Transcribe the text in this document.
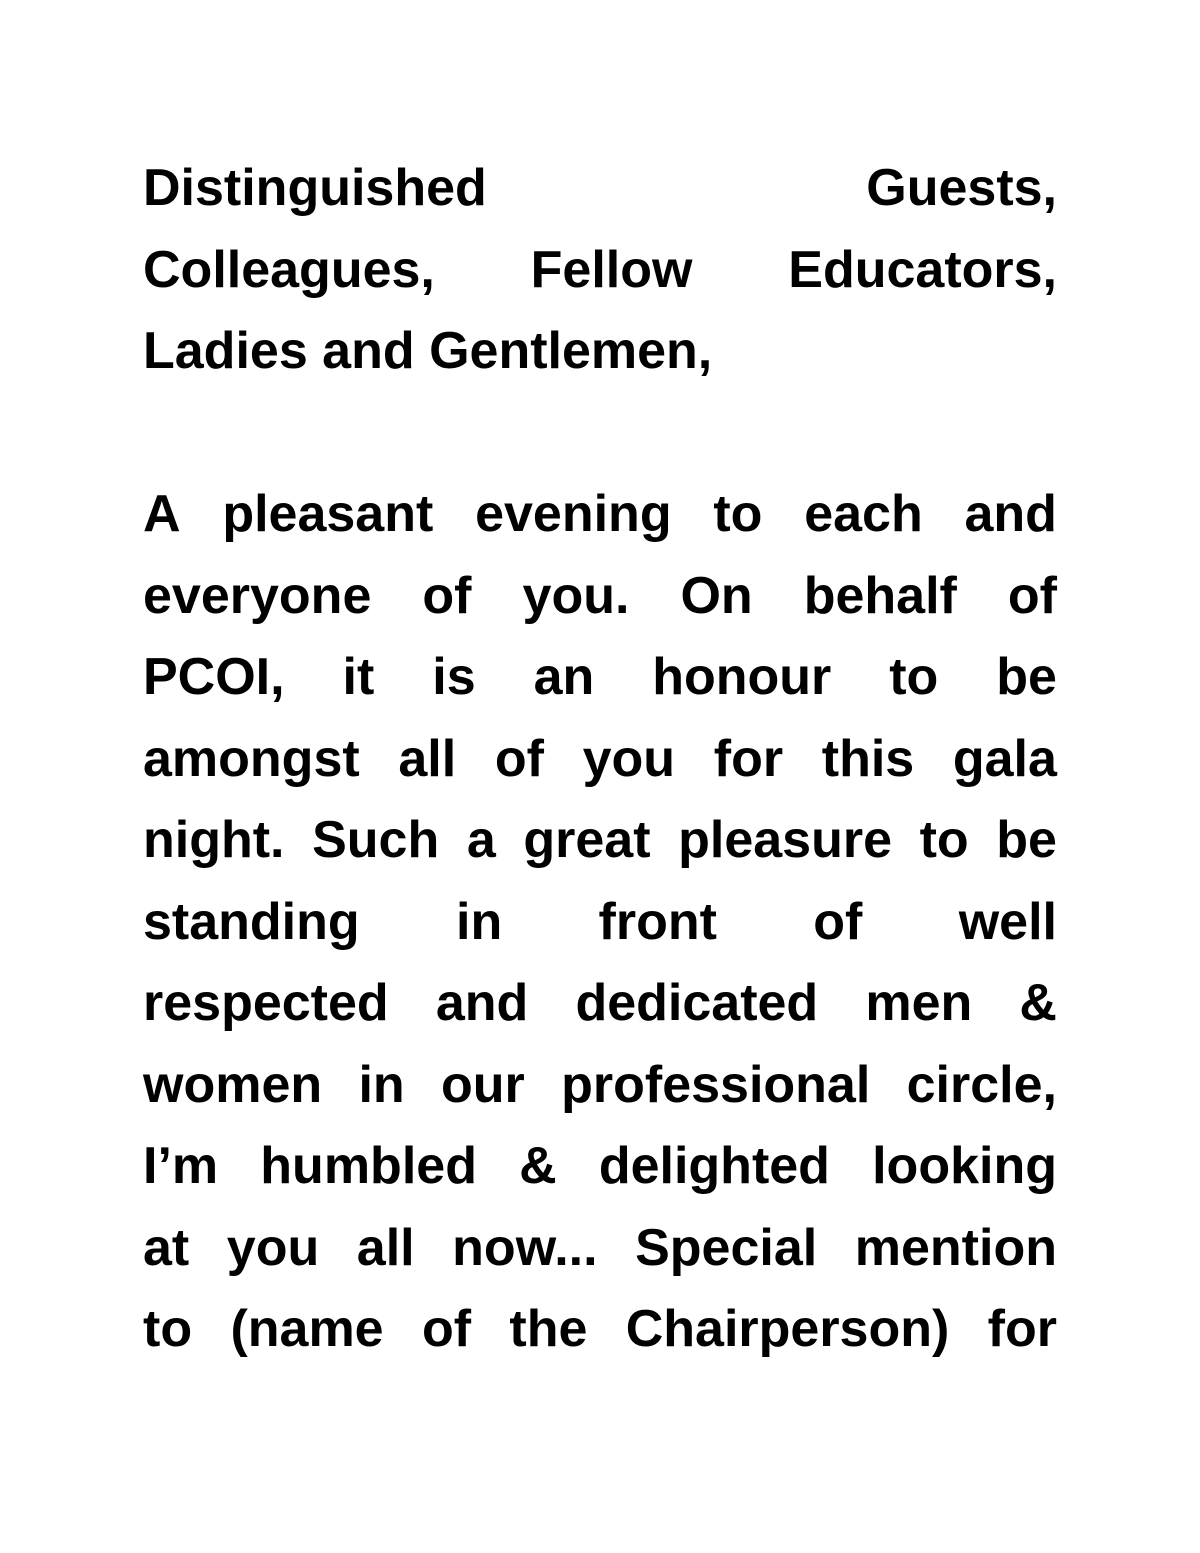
Distinguished	Guests,
Colleagues, Fellow Educators,
Ladies and Gentlemen,
A pleasant evening to each and
everyone of you. On behalf of
PCOI, it is an honour to be
amongst all of you for this gala
night. Such a great pleasure to be
standing in front of well
respected and dedicated men &
women in our professional circle,
I’m humbled & delighted looking
at you all now... Special mention
to (name of the Chairperson) for
